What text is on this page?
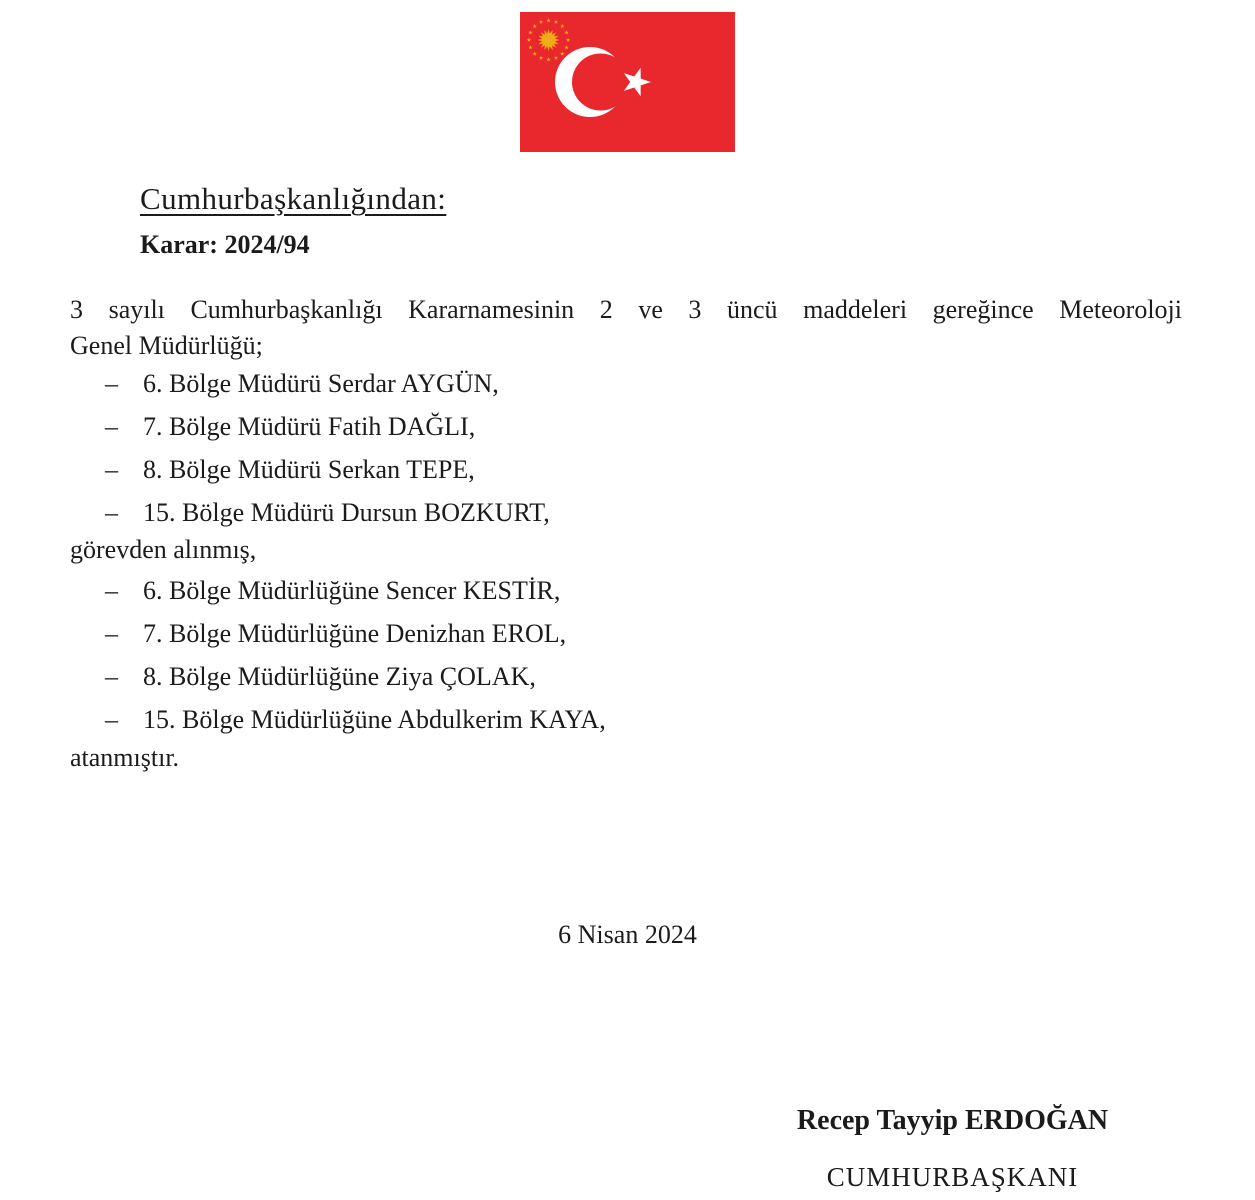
Cumhurbaşkanlığından:
Karar: 2024/94
3 sayılı Cumhurbaşkanlığı Kararnamesinin 2 ve 3 üncü maddeleri gereğince Meteoroloji
Genel Müdürlüğü;
– 6. Bölge Müdürü Serdar AYGÜN,
– 7. Bölge Müdürü Fatih DAĞLI,
– 8. Bölge Müdürü Serkan TEPE,
– 15. Bölge Müdürü Dursun BOZKURT,
görevden alınmış,
– 6. Bölge Müdürlüğüne Sencer KESTİR,
– 7. Bölge Müdürlüğüne Denizhan EROL,
– 8. Bölge Müdürlüğüne Ziya ÇOLAK,
– 15. Bölge Müdürlüğüne Abdulkerim KAYA,
atanmıştır.
6 Nisan 2024
Recep Tayyip ERDOĞAN
CUMHURBAŞKANI
